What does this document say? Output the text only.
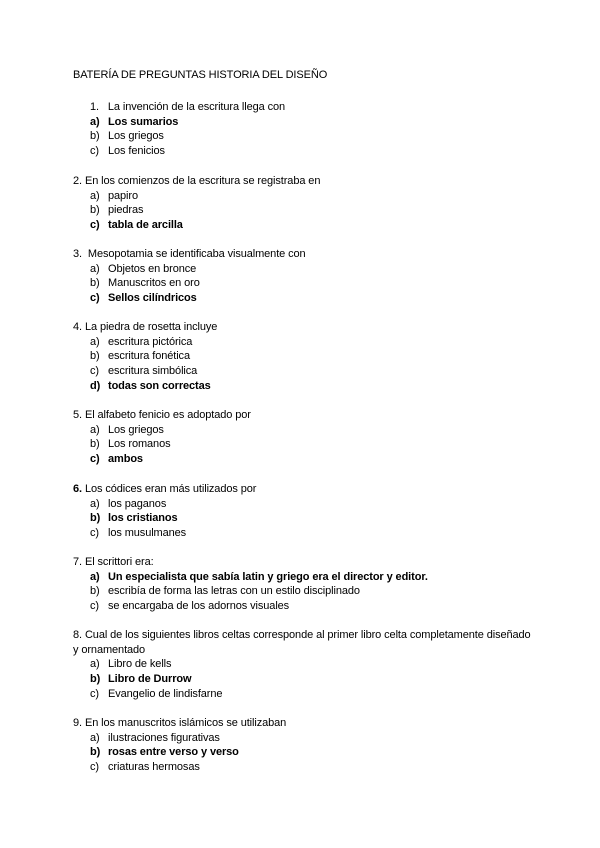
BATERÍA DE PREGUNTAS HISTORIA DEL DISEÑO
1. La invención de la escritura llega con
a) Los sumarios
b) Los griegos
c) Los fenicios
2. En los comienzos de la escritura se registraba en
a) papiro
b) piedras
c) tabla de arcilla
3. Mesopotamia se identificaba visualmente con
a) Objetos en bronce
b) Manuscritos en oro
c) Sellos cilíndricos
4. La piedra de rosetta incluye
a) escritura pictórica
b) escritura fonética
c) escritura simbólica
d) todas son correctas
5. El alfabeto fenicio es adoptado por
a) Los griegos
b) Los romanos
c) ambos
6. Los códices eran más utilizados por
a) los paganos
b) los cristianos
c) los musulmanes
7. El scrittori era:
a) Un especialista que sabía latin y griego era el director y editor.
b) escribía de forma las letras con un estilo disciplinado
c) se encargaba de los adornos visuales
8. Cual de los siguientes libros celtas corresponde al primer libro celta completamente diseñado y ornamentado
a) Libro de kells
b) Libro de Durrow
c) Evangelio de lindisfarne
9. En los manuscritos islámicos se utilizaban
a) ilustraciones figurativas
b) rosas entre verso y verso
c) criaturas hermosas
